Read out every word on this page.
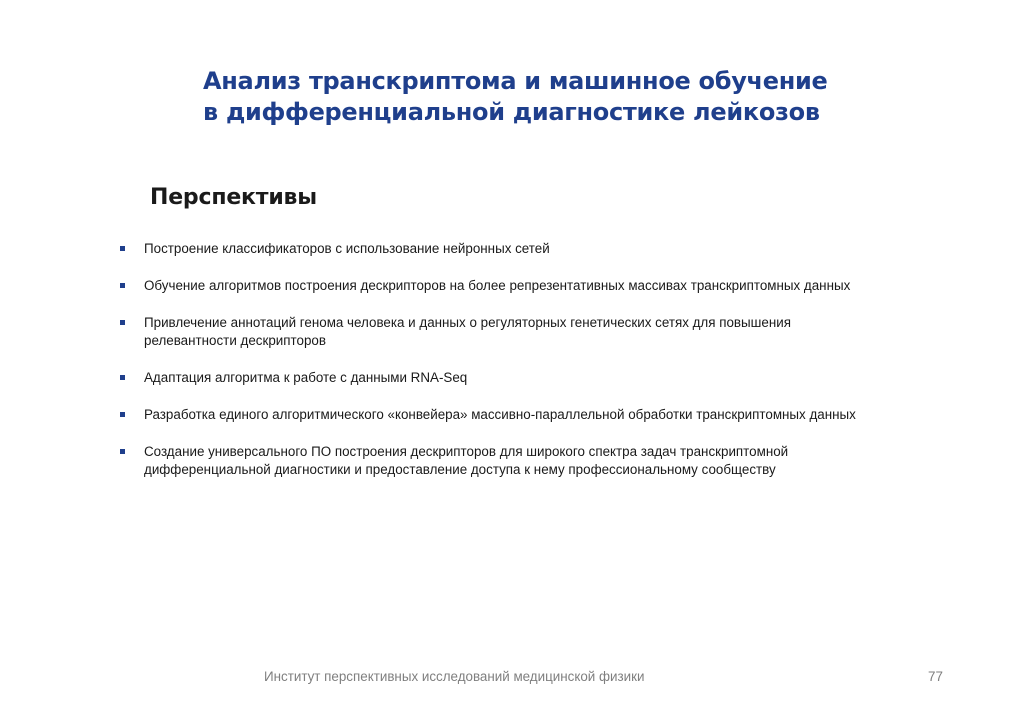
Анализ транскриптома и машинное обучение
в дифференциальной диагностике лейкозов
Перспективы
Построение классификаторов с использование нейронных сетей
Обучение алгоритмов построения дескрипторов на более репрезентативных массивах транскриптомных данных
Привлечение аннотаций генома человека и данных о регуляторных генетических сетях для повышения релевантности дескрипторов
Адаптация алгоритма к работе с данными RNA-Seq
Разработка единого алгоритмического «конвейера» массивно-параллельной обработки транскриптомных данных
Создание универсального ПО построения дескрипторов для широкого спектра задач транскриптомной дифференциальной диагностики и предоставление доступа к нему профессиональному сообществу
Институт перспективных исследований медицинской физики	77
